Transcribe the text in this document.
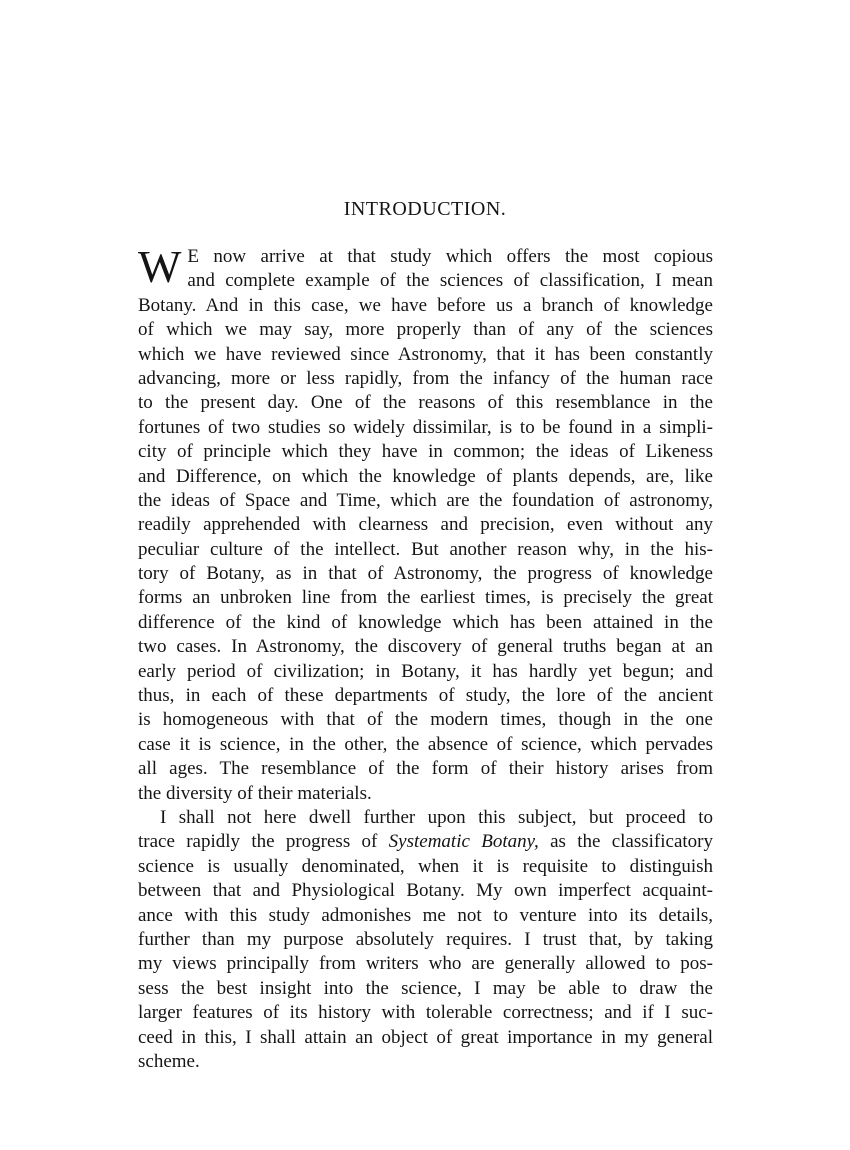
INTRODUCTION.
W E now arrive at that study which offers the most copious
and complete example of the sciences of classification, I mean
Botany. And in this case, we have before us a branch of knowledge
of which we may say, more properly than of any of the sciences
which we have reviewed since Astronomy, that it has been constantly
advancing, more or less rapidly, from the infancy of the human race
to the present day. One of the reasons of this resemblance in the
fortunes of two studies so widely dissimilar, is to be found in a simpli-
city of principle which they have in common; the ideas of Likeness
and Difference, on which the knowledge of plants depends, are, like
the ideas of Space and Time, which are the foundation of astronomy,
readily apprehended with clearness and precision, even without any
peculiar culture of the intellect. But another reason why, in the his-
tory of Botany, as in that of Astronomy, the progress of knowledge
forms an unbroken line from the earliest times, is precisely the great
difference of the kind of knowledge which has been attained in the
two cases. In Astronomy, the discovery of general truths began at an
early period of civilization; in Botany, it has hardly yet begun; and
thus, in each of these departments of study, the lore of the ancient
is homogeneous with that of the modern times, though in the one
case it is science, in the other, the absence of science, which pervades
all ages. The resemblance of the form of their history arises from
the diversity of their materials.
I shall not here dwell further upon this subject, but proceed to
trace rapidly the progress of Systematic Botany, as the classificatory
science is usually denominated, when it is requisite to distinguish
between that and Physiological Botany. My own imperfect acquaint-
ance with this study admonishes me not to venture into its details,
further than my purpose absolutely requires. I trust that, by taking
my views principally from writers who are generally allowed to pos-
sess the best insight into the science, I may be able to draw the
larger features of its history with tolerable correctness; and if I suc-
ceed in this, I shall attain an object of great importance in my general
scheme.
